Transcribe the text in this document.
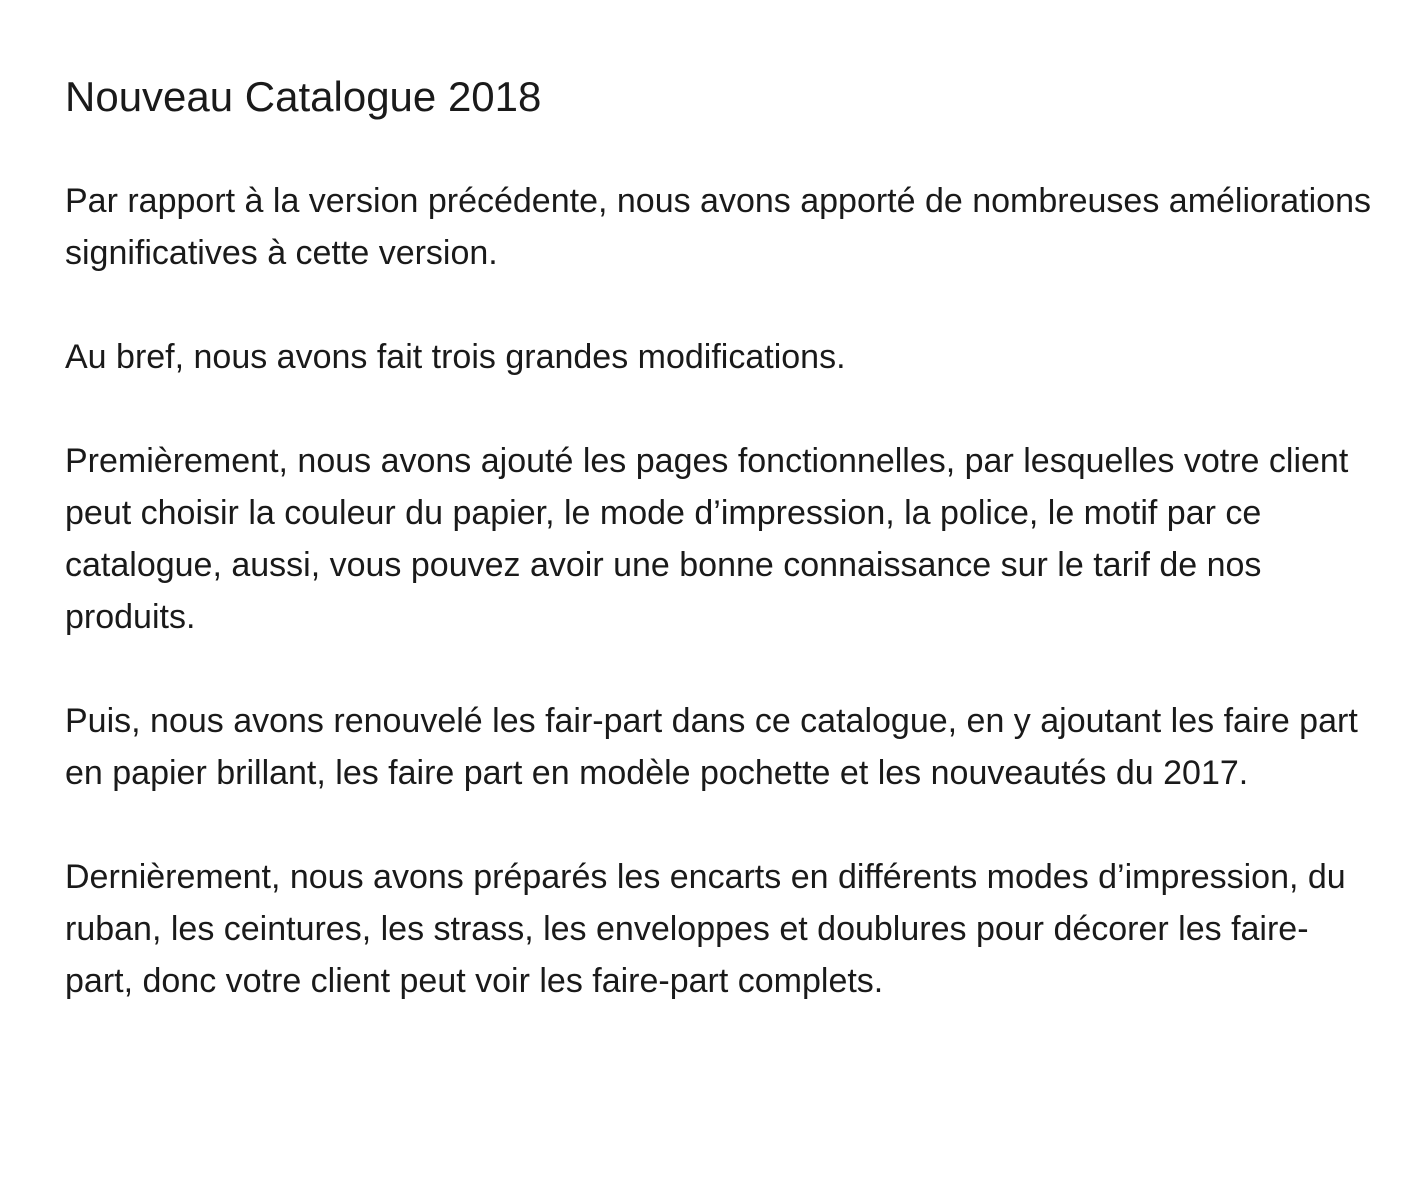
Nouveau Catalogue 2018

Par rapport à la version précédente, nous avons apporté de nombreuses améliorations significatives à cette version.

Au bref, nous avons fait trois grandes modifications.

Premièrement, nous avons ajouté les pages fonctionnelles, par lesquelles votre client peut choisir la couleur du papier, le mode d’impression, la police, le motif par ce catalogue, aussi, vous pouvez avoir une bonne connaissance sur le tarif de nos produits.

Puis, nous avons renouvelé les fair-part dans ce catalogue, en y ajoutant les faire part en papier brillant, les faire part en modèle pochette et les nouveautés du 2017.

Dernièrement, nous avons préparés les encarts en différents modes d’impression, du ruban, les ceintures, les strass, les enveloppes et doublures pour décorer les faire-part, donc votre client peut voir les faire-part complets.
